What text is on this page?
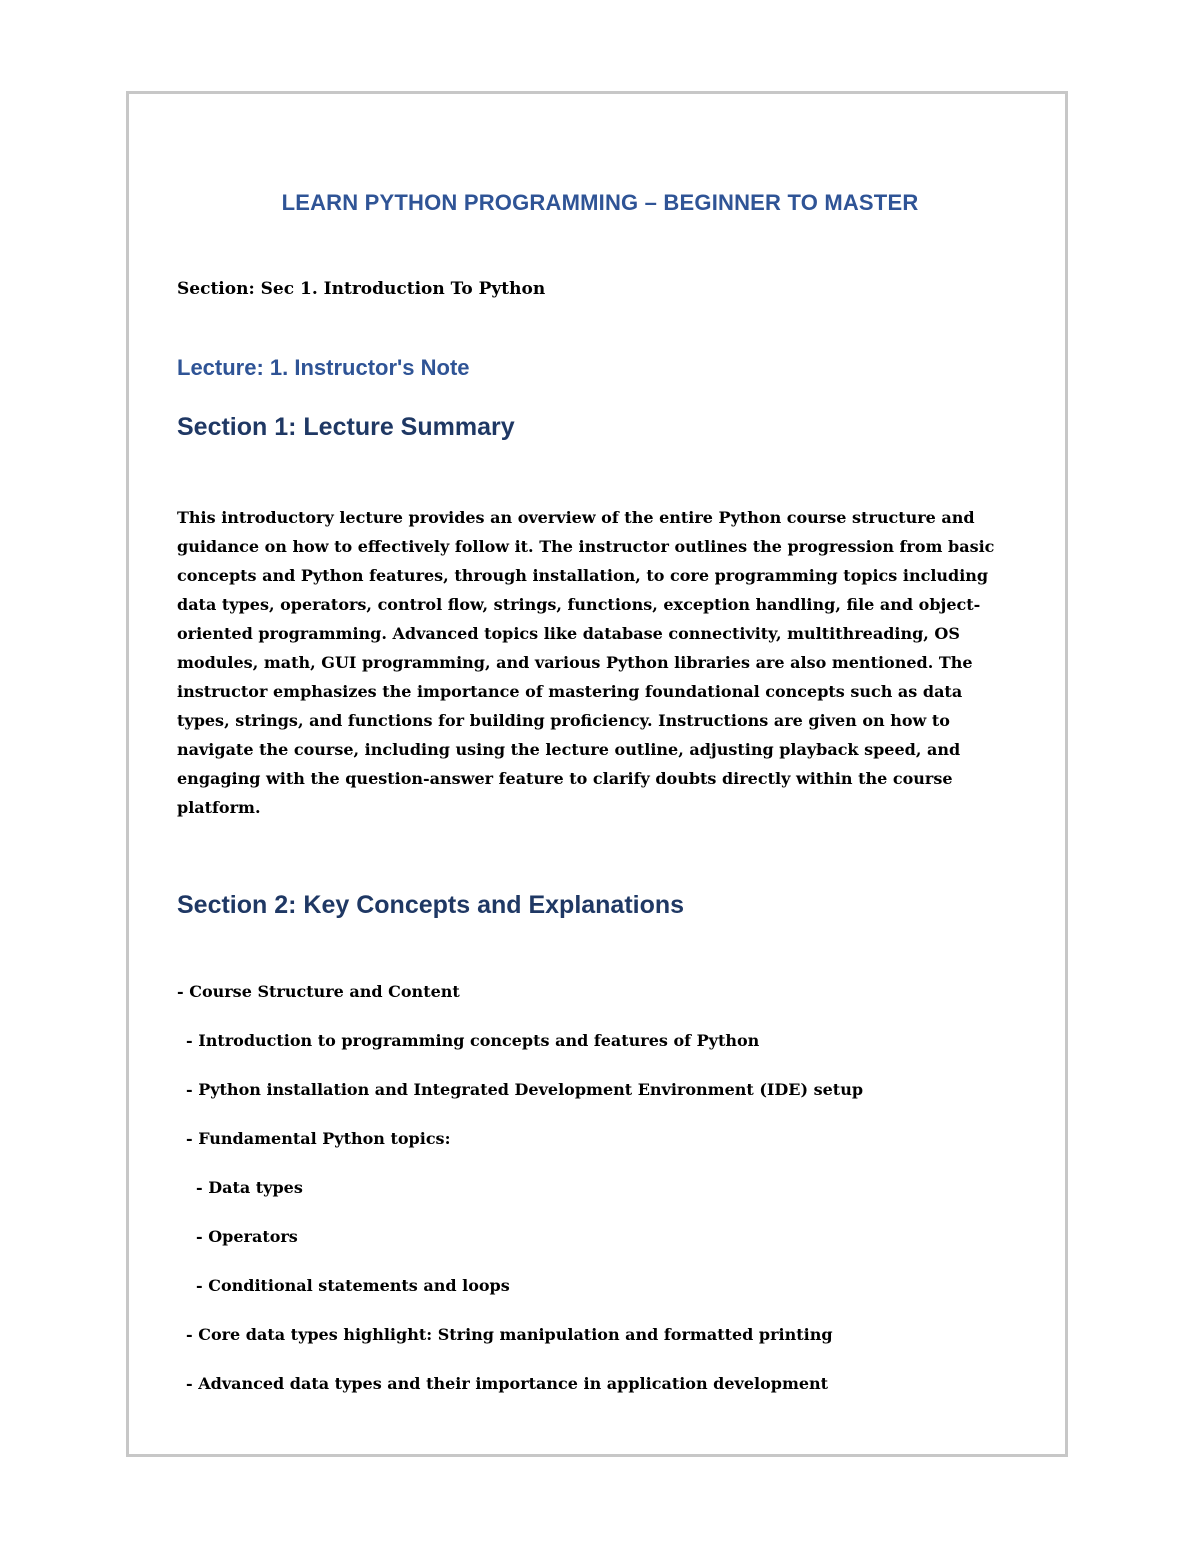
LEARN PYTHON PROGRAMMING – BEGINNER TO MASTER

Section: Sec 1. Introduction To Python

Lecture: 1. Instructor's Note
Section 1: Lecture Summary

This introductory lecture provides an overview of the entire Python course structure and guidance on how to effectively follow it. The instructor outlines the progression from basic concepts and Python features, through installation, to core programming topics including data types, operators, control flow, strings, functions, exception handling, file and object-oriented programming. Advanced topics like database connectivity, multithreading, OS modules, math, GUI programming, and various Python libraries are also mentioned. The instructor emphasizes the importance of mastering foundational concepts such as data types, strings, and functions for building proficiency. Instructions are given on how to navigate the course, including using the lecture outline, adjusting playback speed, and engaging with the question-answer feature to clarify doubts directly within the course platform.

Section 2: Key Concepts and Explanations
- Course Structure and Content
- Introduction to programming concepts and features of Python
- Python installation and Integrated Development Environment (IDE) setup
- Fundamental Python topics:
- Data types
- Operators
- Conditional statements and loops
- Core data types highlight: String manipulation and formatted printing
- Advanced data types and their importance in application development
